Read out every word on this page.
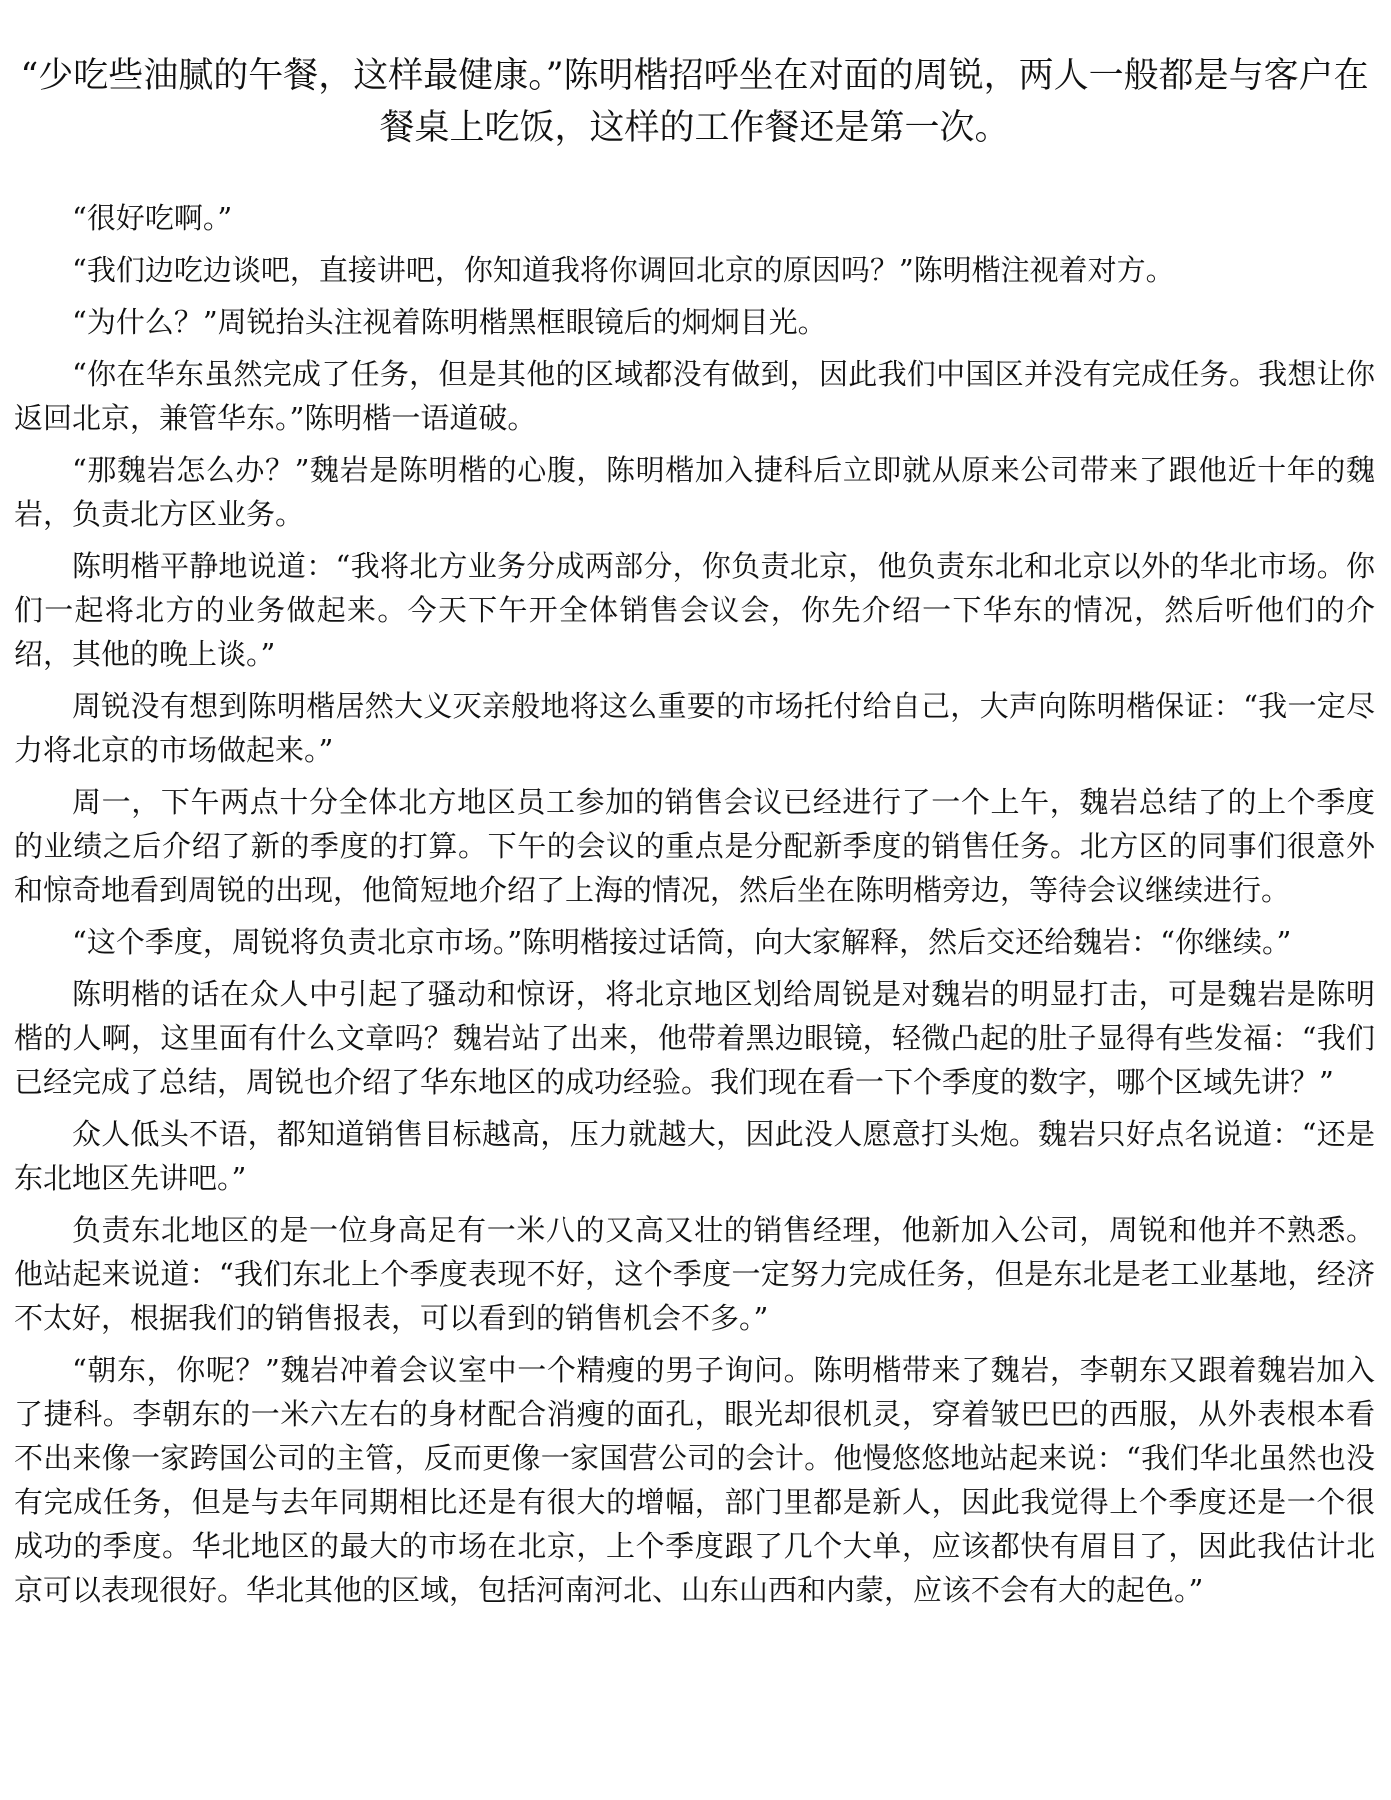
“少吃些油腻的午餐，这样最健康。”陈明楷招呼坐在对面的周锐，两人一般都是与客户在餐桌上吃饭，这样的工作餐还是第一次。

“很好吃啊。”

“我们边吃边谈吧，直接讲吧，你知道我将你调回北京的原因吗？”陈明楷注视着对方。

“为什么？”周锐抬头注视着陈明楷黑框眼镜后的炯炯目光。

“你在华东虽然完成了任务，但是其他的区域都没有做到，因此我们中国区并没有完成任务。我想让你返回北京，兼管华东。”陈明楷一语道破。

“那魏岩怎么办？”魏岩是陈明楷的心腹，陈明楷加入捷科后立即就从原来公司带来了跟他近十年的魏岩，负责北方区业务。

陈明楷平静地说道：“我将北方业务分成两部分，你负责北京，他负责东北和北京以外的华北市场。你们一起将北方的业务做起来。今天下午开全体销售会议会，你先介绍一下华东的情况，然后听他们的介绍，其他的晚上谈。”

周锐没有想到陈明楷居然大义灭亲般地将这么重要的市场托付给自己，大声向陈明楷保证：“我一定尽力将北京的市场做起来。”

周一，下午两点十分全体北方地区员工参加的销售会议已经进行了一个上午，魏岩总结了的上个季度的业绩之后介绍了新的季度的打算。下午的会议的重点是分配新季度的销售任务。北方区的同事们很意外和惊奇地看到周锐的出现，他简短地介绍了上海的情况，然后坐在陈明楷旁边，等待会议继续进行。

“这个季度，周锐将负责北京市场。”陈明楷接过话筒，向大家解释，然后交还给魏岩：“你继续。”

陈明楷的话在众人中引起了骚动和惊讶，将北京地区划给周锐是对魏岩的明显打击，可是魏岩是陈明楷的人啊，这里面有什么文章吗？魏岩站了出来，他带着黑边眼镜，轻微凸起的肚子显得有些发福：“我们已经完成了总结，周锐也介绍了华东地区的成功经验。我们现在看一下个季度的数字，哪个区域先讲？”

众人低头不语，都知道销售目标越高，压力就越大，因此没人愿意打头炮。魏岩只好点名说道：“还是东北地区先讲吧。”

负责东北地区的是一位身高足有一米八的又高又壮的销售经理，他新加入公司，周锐和他并不熟悉。他站起来说道：“我们东北上个季度表现不好，这个季度一定努力完成任务，但是东北是老工业基地，经济不太好，根据我们的销售报表，可以看到的销售机会不多。”

“朝东，你呢？”魏岩冲着会议室中一个精瘦的男子询问。陈明楷带来了魏岩，李朝东又跟着魏岩加入了捷科。李朝东的一米六左右的身材配合消瘦的面孔，眼光却很机灵，穿着皱巴巴的西服，从外表根本看不出来像一家跨国公司的主管，反而更像一家国营公司的会计。他慢悠悠地站起来说：“我们华北虽然也没有完成任务，但是与去年同期相比还是有很大的增幅，部门里都是新人，因此我觉得上个季度还是一个很成功的季度。华北地区的最大的市场在北京，上个季度跟了几个大单，应该都快有眉目了，因此我估计北京可以表现很好。华北其他的区域，包括河南河北、山东山西和内蒙，应该不会有大的起色。”
